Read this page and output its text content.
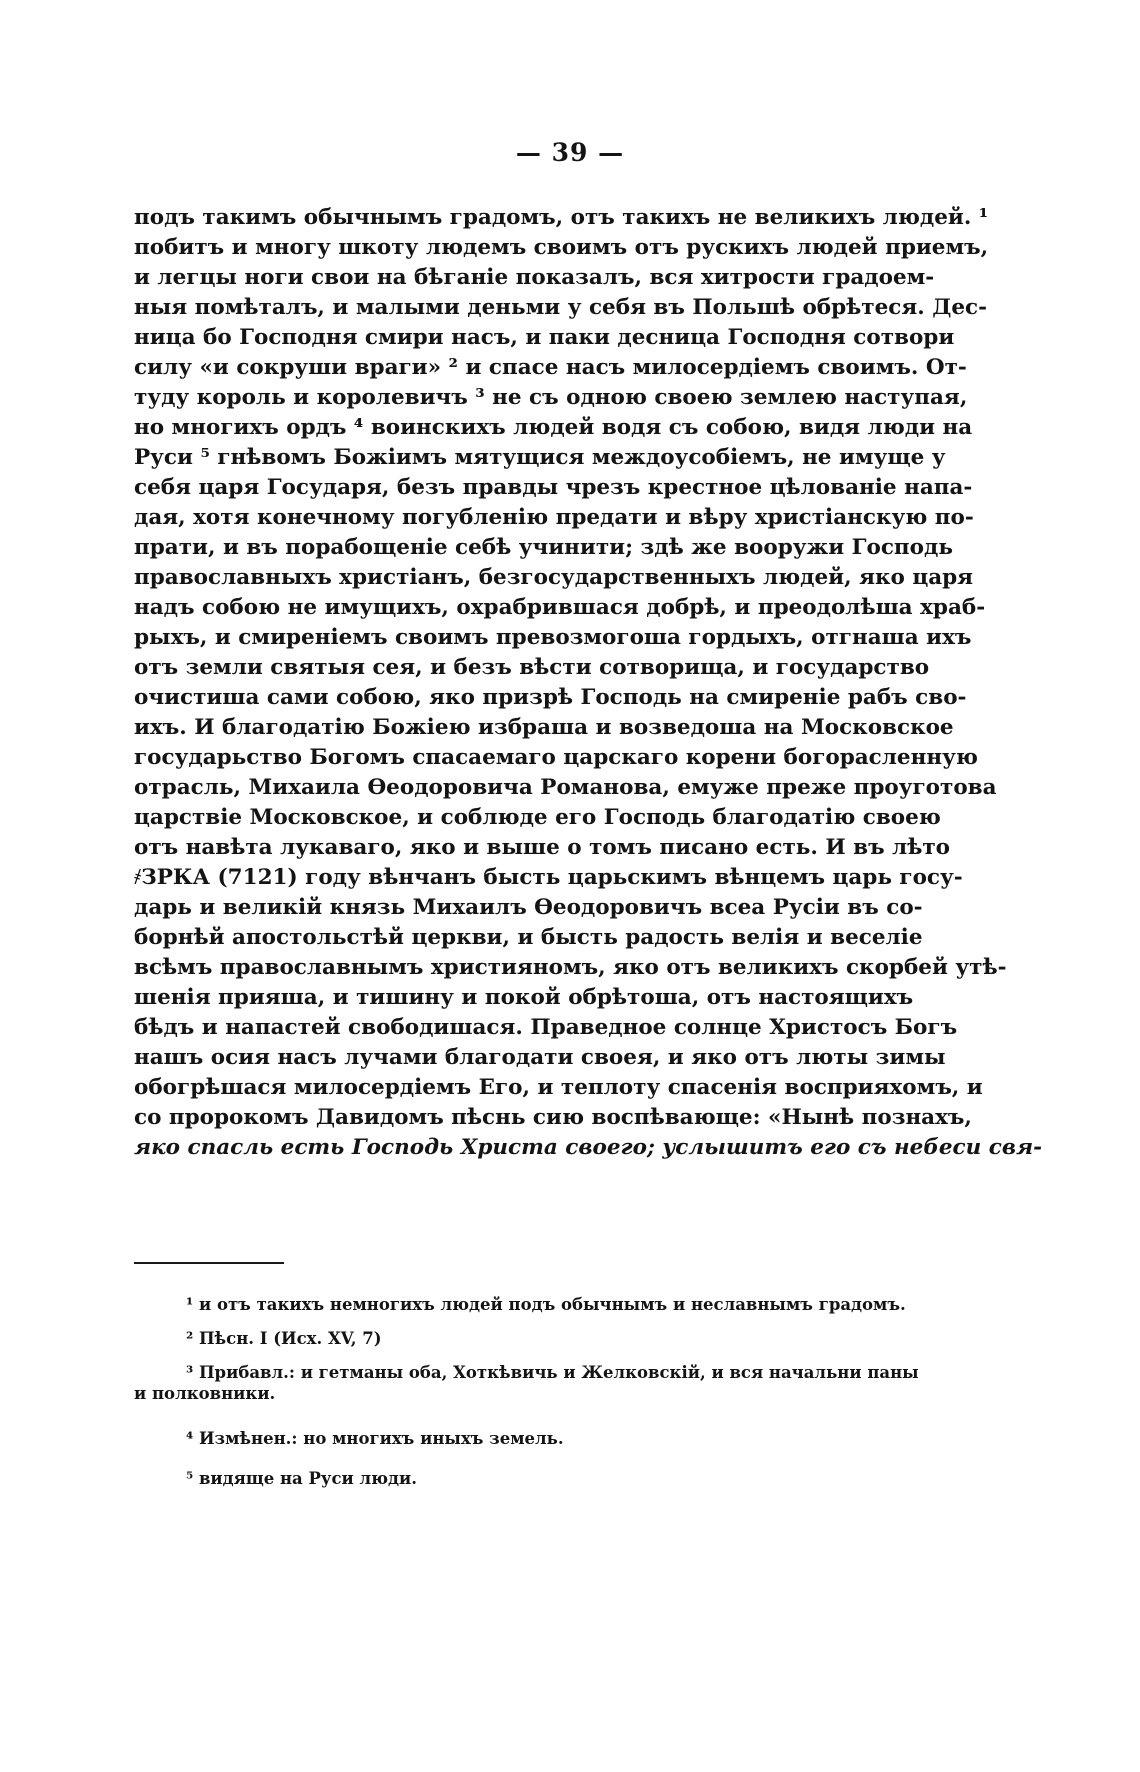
— 39 —
подъ такимъ обычнымъ градомъ, отъ такихъ не великихъ людей. ¹
побитъ и многу шкоту людемъ своимъ отъ рускихъ людей приемъ,
и легцы ноги свои на бѣганіе показалъ, вся хитрости градоем-
ныя помѣталъ, и малыми деньми у себя въ Польшѣ обрѣтеся. Дес-
ница бо Господня смири насъ, и паки десница Господня сотвори
силу «и сокруши враги» ² и спасе насъ милосердіемъ своимъ. От-
туду король и королевичъ ³ не съ одною своею землею наступая,
но многихъ ордъ ⁴ воинскихъ людей водя съ собою, видя люди на
Руси ⁵ гнѣвомъ Божіимъ мятущися междоусобіемъ, не имуще у
себя царя Государя, безъ правды чрезъ крестное цѣлованіе напа-
дая, хотя конечному погубленію предати и вѣру христіанскую по-
прати, и въ порабощеніе себѣ учинити; здѣ же вооружи Господь
православныхъ христіанъ, безгосударственныхъ людей, яко царя
надъ собою не имущихъ, охрабрившася добрѣ, и преодолѣша храб-
рыхъ, и смиреніемъ своимъ превозмогоша гордыхъ, отгнаша ихъ
отъ земли святыя сея, и безъ вѣсти сотворища, и государство
очистиша сами собою, яко призрѣ Господь на смиреніе рабъ сво-
ихъ. И благодатію Божіею избраша и возведоша на Московское
государьство Богомъ спасаемаго царскаго корени богорасленную
отрасль, Михаила Ѳеодоровича Романова, емуже преже проуготова
царствіе Московское, и соблюде его Господь благодатію своею
отъ навѣта лукаваго, яко и выше о томъ писано есть. И въ лѣто
҂ЗРКА (7121) году вѣнчанъ бысть царьскимъ вѣнцемъ царь госу-
дарь и великій князь Михаилъ Ѳеодоровичъ всеа Русіи въ со-
борнѣй апостольстѣй церкви, и бысть радость велія и веселіе
всѣмъ православнымъ християномъ, яко отъ великихъ скорбей утѣ-
шенія прияша, и тишину и покой обрѣтоша, отъ настоящихъ
бѣдъ и напастей свободишася. Праведное солнце Христосъ Богъ
нашъ осия насъ лучами благодати своея, и яко отъ люты зимы
обогрѣшася милосердіемъ Его, и теплоту спасенія восприяхомъ, и
со пророкомъ Давидомъ пѣснь сию воспѣвающе: «Нынѣ познахъ,
яко спасль есть Господь Христа своего; услышитъ его съ небеси свя-
¹ и отъ такихъ немногихъ людей подъ обычнымъ и неславнымъ градомъ.
² Пѣсн. I (Исх. XV, 7)
³ Прибавл.: и гетманы оба, Хоткѣвичь и Желковскій, и вся начальни паны
и полковники.
⁴ Измѣнен.: но многихъ иныхъ земель.
⁵ видяще на Руси люди.
